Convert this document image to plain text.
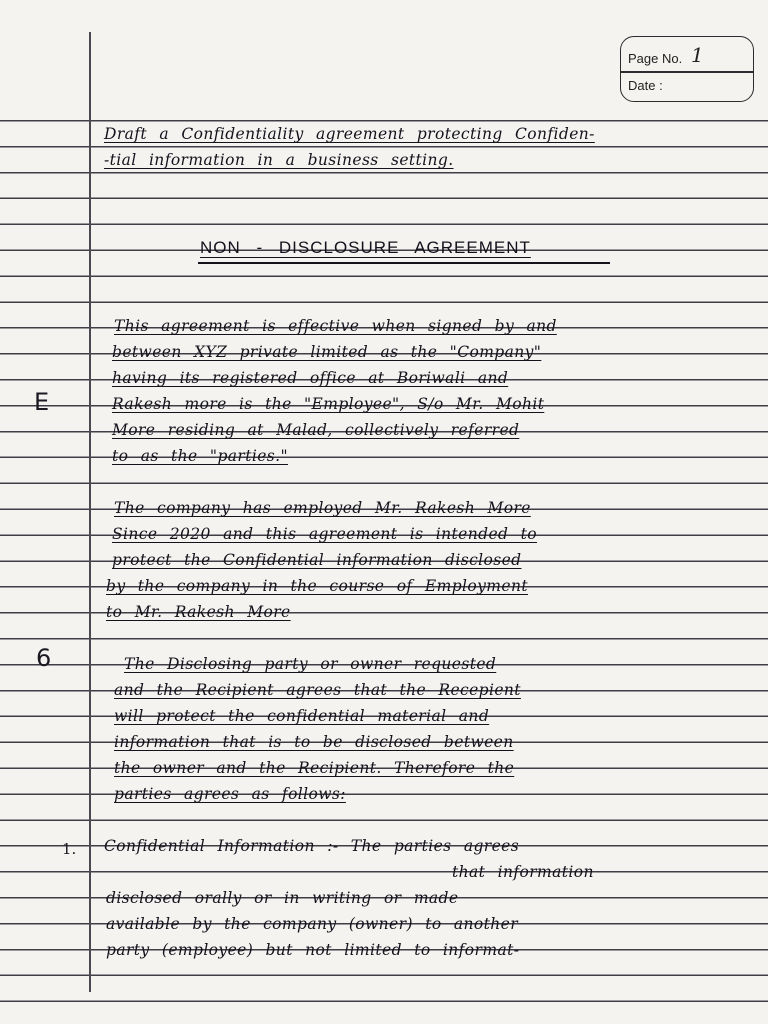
Page No. 1
Date :
Draft a Confidentiality agreement protecting Confiden-
-tial information in a business setting.
NON - DISCLOSURE AGREEMENT
This agreement is effective when signed by and
between XYZ private limited as the "Company"
having its registered office at Boriwali and
Rakesh more is the "Employee", S/o Mr. Mohit
More residing at Malad, collectively referred
to as the "parties."
E
The company has employed Mr. Rakesh More
Since 2020 and this agreement is intended to
protect the Confidential information disclosed
by the company in the course of Employment
to Mr. Rakesh More
6	The Disclosing party or owner requested
and the Recipient agrees that the Recepient
will protect the confidential material and
information that is to be disclosed between
the owner and the Recipient. Therefore the
parties agrees as follows:
1. Confidential Information :- The parties agrees
that information
disclosed orally or in writing or made
available by the company (owner) to another
party (employee) but not limited to informat-
